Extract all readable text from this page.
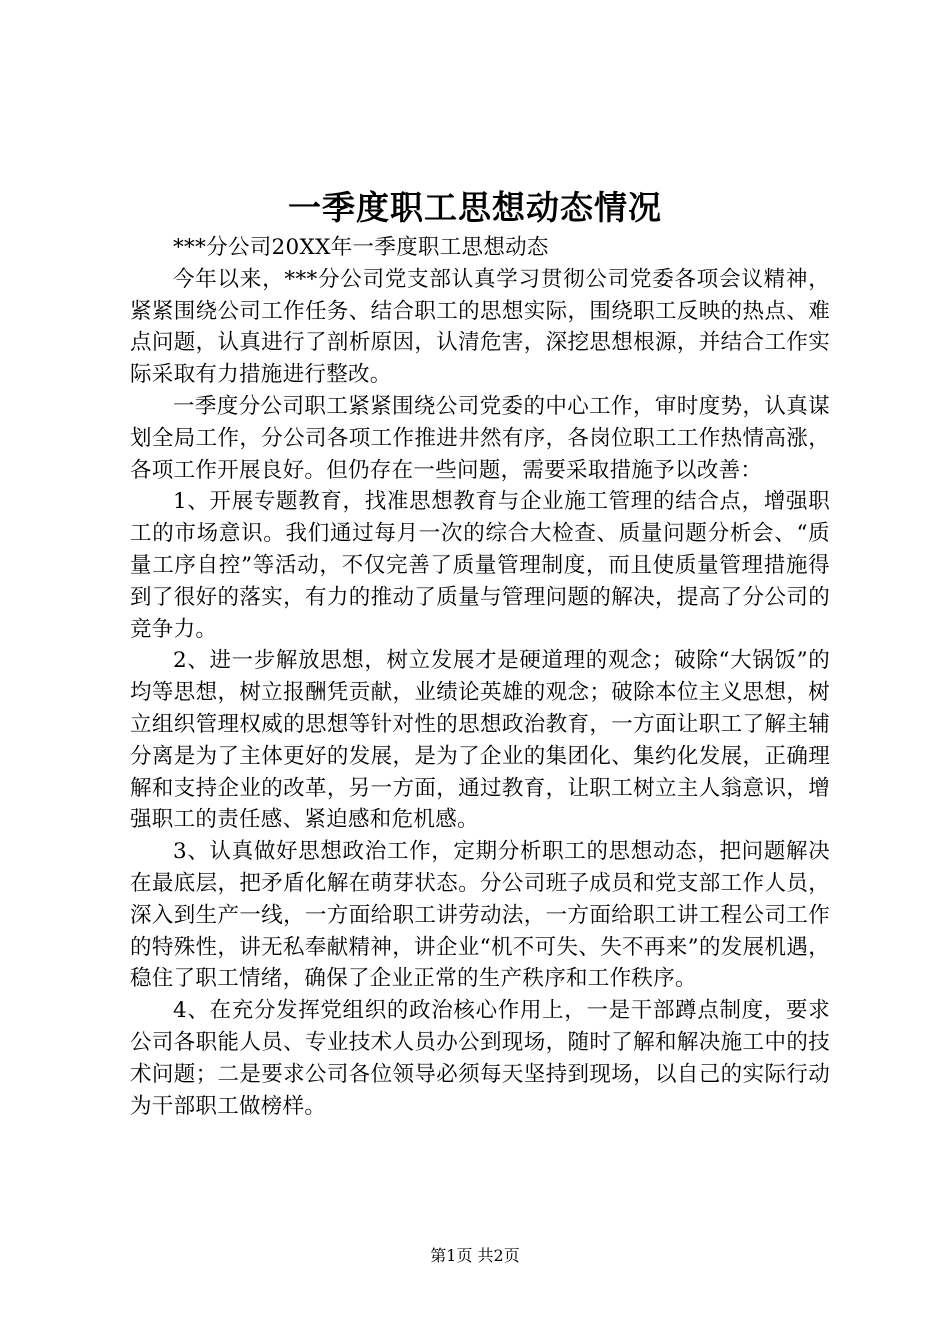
一季度职工思想动态情况

***分公司20XX年一季度职工思想动态

今年以来，***分公司党支部认真学习贯彻公司党委各项会议精神，紧紧围绕公司工作任务、结合职工的思想实际，围绕职工反映的热点、难点问题，认真进行了剖析原因，认清危害，深挖思想根源，并结合工作实际采取有力措施进行整改。

一季度分公司职工紧紧围绕公司党委的中心工作，审时度势，认真谋划全局工作，分公司各项工作推进井然有序，各岗位职工工作热情高涨，各项工作开展良好。但仍存在一些问题，需要采取措施予以改善：

1、开展专题教育，找准思想教育与企业施工管理的结合点，增强职工的市场意识。我们通过每月一次的综合大检查、质量问题分析会、“质量工序自控”等活动，不仅完善了质量管理制度，而且使质量管理措施得到了很好的落实，有力的推动了质量与管理问题的解决，提高了分公司的竞争力。

2、进一步解放思想，树立发展才是硬道理的观念；破除“大锅饭”的均等思想，树立报酬凭贡献，业绩论英雄的观念；破除本位主义思想，树立组织管理权威的思想等针对性的思想政治教育，一方面让职工了解主辅分离是为了主体更好的发展，是为了企业的集团化、集约化发展，正确理解和支持企业的改革，另一方面，通过教育，让职工树立主人翁意识，增强职工的责任感、紧迫感和危机感。

3、认真做好思想政治工作，定期分析职工的思想动态，把问题解决在最底层，把矛盾化解在萌芽状态。分公司班子成员和党支部工作人员，深入到生产一线，一方面给职工讲劳动法，一方面给职工讲工程公司工作的特殊性，讲无私奉献精神，讲企业“机不可失、失不再来”的发展机遇，稳住了职工情绪，确保了企业正常的生产秩序和工作秩序。

4、在充分发挥党组织的政治核心作用上，一是干部蹲点制度，要求公司各职能人员、专业技术人员办公到现场，随时了解和解决施工中的技术问题；二是要求公司各位领导必须每天坚持到现场，以自己的实际行动为干部职工做榜样。

第1页 共2页
